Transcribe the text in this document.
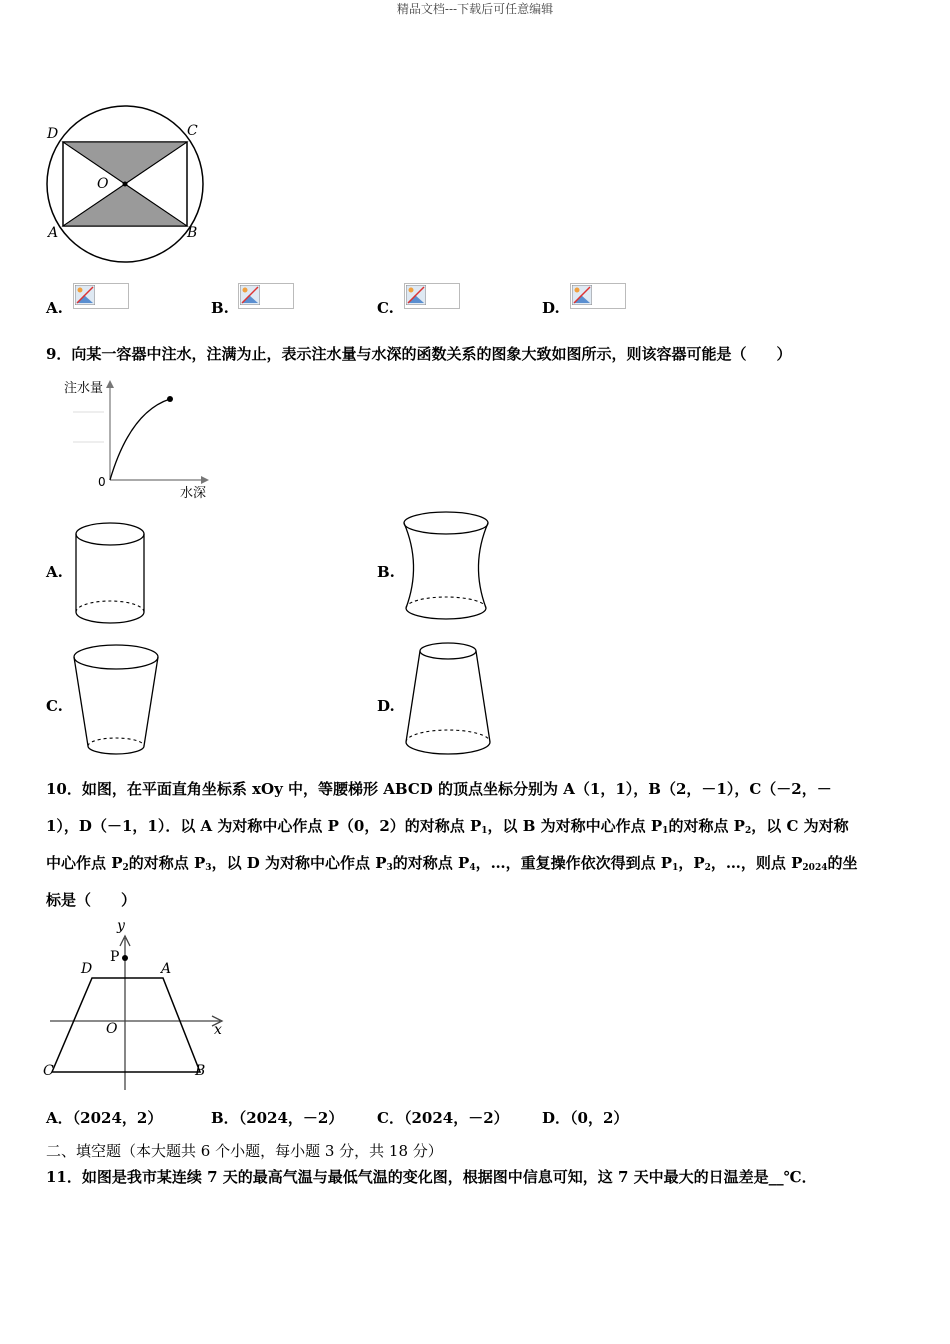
精品文档---下载后可任意编辑
D	C
O
A	B
A.	B.	C.	D.
9．向某一容器中注水，注满为止，表示注水量与水深的函数关系的图象大致如图所示，则该容器可能是（　　）
注水量
0
水深
A.	B.
C.	D.
10．如图，在平面直角坐标系 xOy 中，等腰梯形 ABCD 的顶点坐标分别为 A（1，1），B（2，－1），C（－2，－
1），D（－1，1）．以 A 为对称中心作点 P（0，2）的对称点 $P_1$，以 B 为对称中心作点 $P_1$的对称点 $P_2$，以 C 为对称
中心作点 $P_2$的对称点 $P_3$，以 D 为对称中心作点 $P_3$的对称点 $P_4$，…，重复操作依次得到点 $P_1$，$P_2$，…，则点 $P_{2024}$的坐
标是（　　）
y
x
P
D	A
O
C	B
A．（2024，2）	B．（2024，－2） C．（2024，－2） D．（0，2）
二、填空题（本大题共 6 个小题，每小题 3 分，共 18 分）
11．如图是我市某连续 7 天的最高气温与最低气温的变化图，根据图中信息可知，这 7 天中最大的日温差是__℃．
